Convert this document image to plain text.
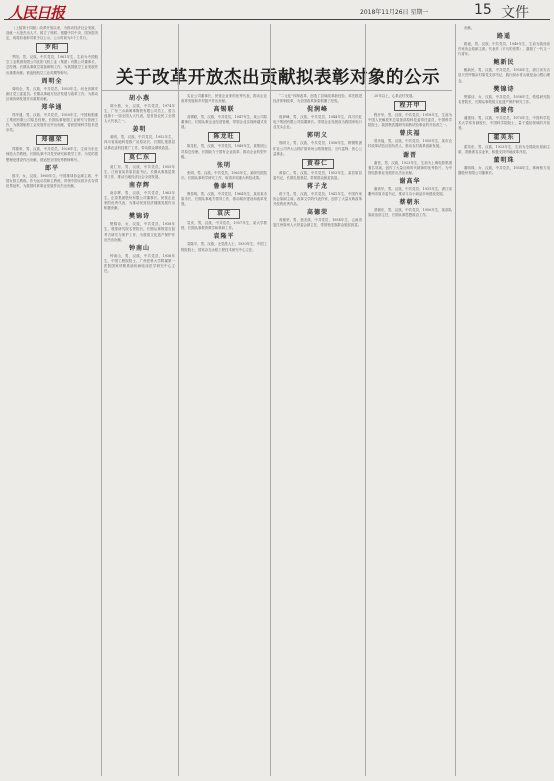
人民日报	2018年11月26日 星期一	15 文件
关于改革开放杰出贡献拟表彰对象的公示

（上接第十四版）改革开放以来，为推动经济社会发展，造就一大批杰出人才，树立了榜样。根据中共中央、国务院决定，现将拟表彰对象予以公示。公示时间为5个工作日。

罗阳

罗阳，男，汉族，中共党员，1961年生，生前为中国航空工业集团有限公司沈阳飞机工业（集团）有限公司董事长、总经理。长期从事航空装备研制工作，为我国航空工业发展作出重要贡献。被追授航空工业英模等称号。

周明全

周明全，男，汉族，中共党员，1953年生，河北省雄安新区党工委委员。长期从事地方经济发展与改革工作，为推动区域协调发展作出重要贡献。

郑华通

郑华通，男，汉族，中共党员，1950年生，中国船舶重工集团有限公司原总经理。长期从事船舶工业研究与管理工作，为我国船舶工业发展作出突出贡献，曾获国家科学技术进步奖。

郑德荣

郑德荣，男，汉族，中共党员，1926年生，生前为东北师范大学教授。长期从事中共党史研究和教学工作，为党的思想理论建设作出贡献。被追授全国优秀教师称号。

郎平

郎平，女，汉族，1960年生，中国排球协会副主席，中国女排主教练。作为运动员和主教练，带领中国女排多次夺得世界冠军，为我国体育事业发展作出杰出贡献。

胡小燕

胡小燕，女，汉族，中共党员，1974年生，广东三水新明珠陶瓷有限公司员工，曾当选第十一届全国人大代表，是首批农民工全国人大代表之一。

姜明

姜明，男，汉族，中共党员，1952年生，四川省某地科技推广站原站长，长期扎根基层从事农业科技推广工作，带动群众增收致富。

莫仁东

莫仁东，男，汉族，中共党员，1955年生，江西省某县原县委书记。长期从事基层领导工作，推动当地经济社会全面发展。

南存辉

南存辉，男，汉族，中共党员，1963年生，正泰集团股份有限公司董事长。民营企业家的优秀代表，为推动民营经济健康发展作出积极贡献。

樊锦诗

樊锦诗，女，汉族，中共党员，1938年生，敦煌研究院名誉院长。长期从事敦煌石窟考古研究与保护工作，为敦煌文化遗产保护作出杰出贡献。

钟南山

钟南山，男，汉族，中共党员，1936年生，中国工程院院士，广州医科大学附属第一医院国家呼吸系统疾病临床医学研究中心主任。

实业公司董事长，民营企业家的优秀代表，推动企业改革发展和乡村振兴作出贡献。

高锡联

高锡联，男，汉族，中共党员，1947年生，某公司原董事长。长期从事企业经营管理，带领企业实现跨越式发展。

陈龙旺

陈龙旺，男，汉族，中共党员，1949年生，某集团公司原总经理。长期致力于国有企业改革，推动企业转型升级。

张明

张明，男，汉族，中共党员，1962年生，某研究院院长。长期从事科学研究工作，取得多项重大科技成果。

鲁泰明

鲁泰明，男，汉族，中共党员，1964年生，某省某市原市长，长期从事地方领导工作，推动城市建设和改革发展。

袁庆

袁庆，男，汉族，中共党员，1957年生，某大学教授，长期从事教育教学和科研工作。

袁隆平

袁隆平，男，汉族，无党派人士，1930年生，中国工程院院士，国家杂交水稻工程技术研究中心主任。

“二元化”体制改革，创造了县域改革新经验，率先推进经济体制改革，为全国改革探索积累了经验。

倪润峰

倪润峰，男，汉族，中共党员，1944年生，四川长虹电子集团有限公司原董事长。带领企业发展成为我国家电行业龙头企业。

郭明义

郭明义，男，汉族，中共党员，1958年生，鞍钢集团矿业公司齐大山铁矿原采场公路管理员。当代雷锋，热心公益事业。

黄春仁

黄春仁，男，汉族，中共党员，1953年生，某县原县委书记，长期扎根基层，带领群众脱贫致富。

蒋子龙

蒋子龙，男，汉族，中共党员，1941年生，中国作家协会原副主席。改革文学的代表作家，创作了大量反映改革开放的优秀作品。

高德荣

高德荣，男，独龙族，中共党员，1954年生，云南省怒江州原州人大常委会副主任，带领独龙族群众脱贫致富。

20年以上，心系农村发展。

程开甲

程开甲，男，汉族，中共党员，1918年生，生前为中国人民解放军总装备部原科技委常任委员，中国科学院院士。我国核武器研究和核试验事业的开拓者之一。

曾庆福

曾庆福，男，汉族，中共党员，1955年生，某市农村改革试验区原负责人，推动农村改革创新发展。

谢晋

谢晋，男，汉族，1923年生，生前为上海电影集团著名导演。创作了大量反映时代精神的优秀影片，为中国电影事业发展作出杰出贡献。

谢高华

谢高华，男，汉族，中共党员，1931年生，浙江省衢州市原市委书记，推动义乌小商品市场建设发展。

蔡朝东

蔡朝东，男，汉族，中共党员，1950年生，某部队原政治部主任，长期从事思想政治工作。

贡献。

路遥

路遥，男，汉族，中共党员，1949年生，生前为陕西省作家协会原副主席。代表作《平凡的世界》，激励了一代又一代青年。

鲍新民

鲍新民，男，汉族，中共党员，1958年生，浙江省安吉县天荒坪镇余村原党支部书记，践行绿水青山就是金山银山理念。

樊锦诗

樊锦诗，女，汉族，中共党员，1938年生，敦煌研究院名誉院长，长期从事敦煌文化遗产保护研究工作。

潘建伟

潘建伟，男，汉族，中共党员，1970年生，中国科学技术大学常务副校长，中国科学院院士，量子通信领域的开拓者。

霍英东

霍英东，男，汉族，1923年生，生前为全国政协原副主席，香港著名实业家，积极支持内地改革开放。

董明珠

董明珠，女，汉族，中共党员，1954年生，珠海格力电器股份有限公司董事长。
